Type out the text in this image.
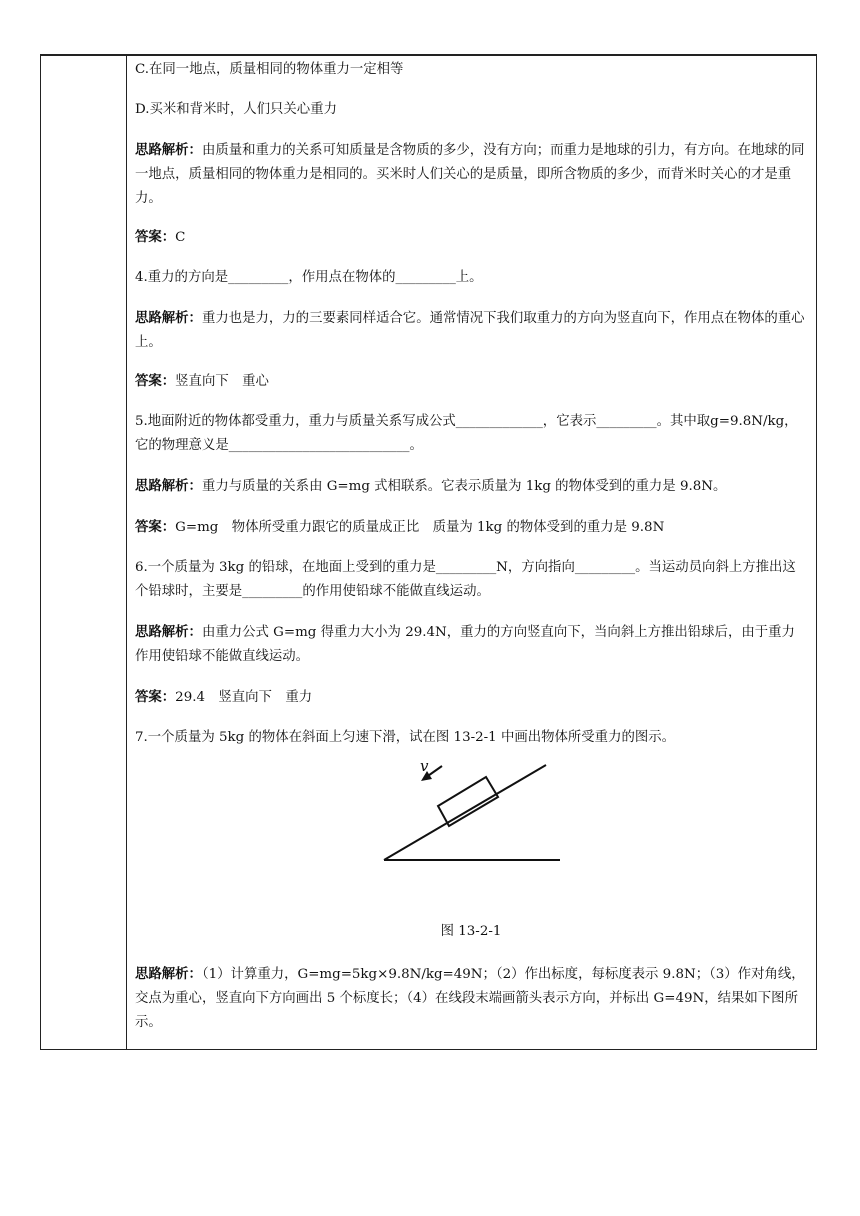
C.在同一地点，质量相同的物体重力一定相等

D.买米和背米时，人们只关心重力

思路解析：由质量和重力的关系可知质量是含物质的多少，没有方向；而重力是地球的引力，有方向。在地球的同一地点，质量相同的物体重力是相同的。买米时人们关心的是质量，即所含物质的多少，而背米时关心的才是重力。

答案：C

4.重力的方向是_________，作用点在物体的_________上。

思路解析：重力也是力，力的三要素同样适合它。通常情况下我们取重力的方向为竖直向下，作用点在物体的重心上。

答案：竖直向下　重心

5.地面附近的物体都受重力，重力与质量关系写成公式_____________，它表示_________。其中取g=9.8N/kg，它的物理意义是___________________________。

思路解析：重力与质量的关系由 G=mg 式相联系。它表示质量为 1kg 的物体受到的重力是 9.8N。

答案：G=mg　物体所受重力跟它的质量成正比　质量为 1kg 的物体受到的重力是 9.8N

6.一个质量为 3kg 的铅球，在地面上受到的重力是_________N，方向指向_________。当运动员向斜上方推出这个铅球时，主要是_________的作用使铅球不能做直线运动。

思路解析：由重力公式 G=mg 得重力大小为 29.4N，重力的方向竖直向下，当向斜上方推出铅球后，由于重力作用使铅球不能做直线运动。

答案：29.4　竖直向下　重力

7.一个质量为 5kg 的物体在斜面上匀速下滑，试在图 13-2-1 中画出物体所受重力的图示。

v

图 13-2-1

思路解析：（1）计算重力，G=mg=5kg×9.8N/kg=49N；（2）作出标度，每标度表示 9.8N；（3）作对角线，交点为重心，竖直向下方向画出 5 个标度长；（4）在线段末端画箭头表示方向，并标出 G=49N，结果如下图所示。
